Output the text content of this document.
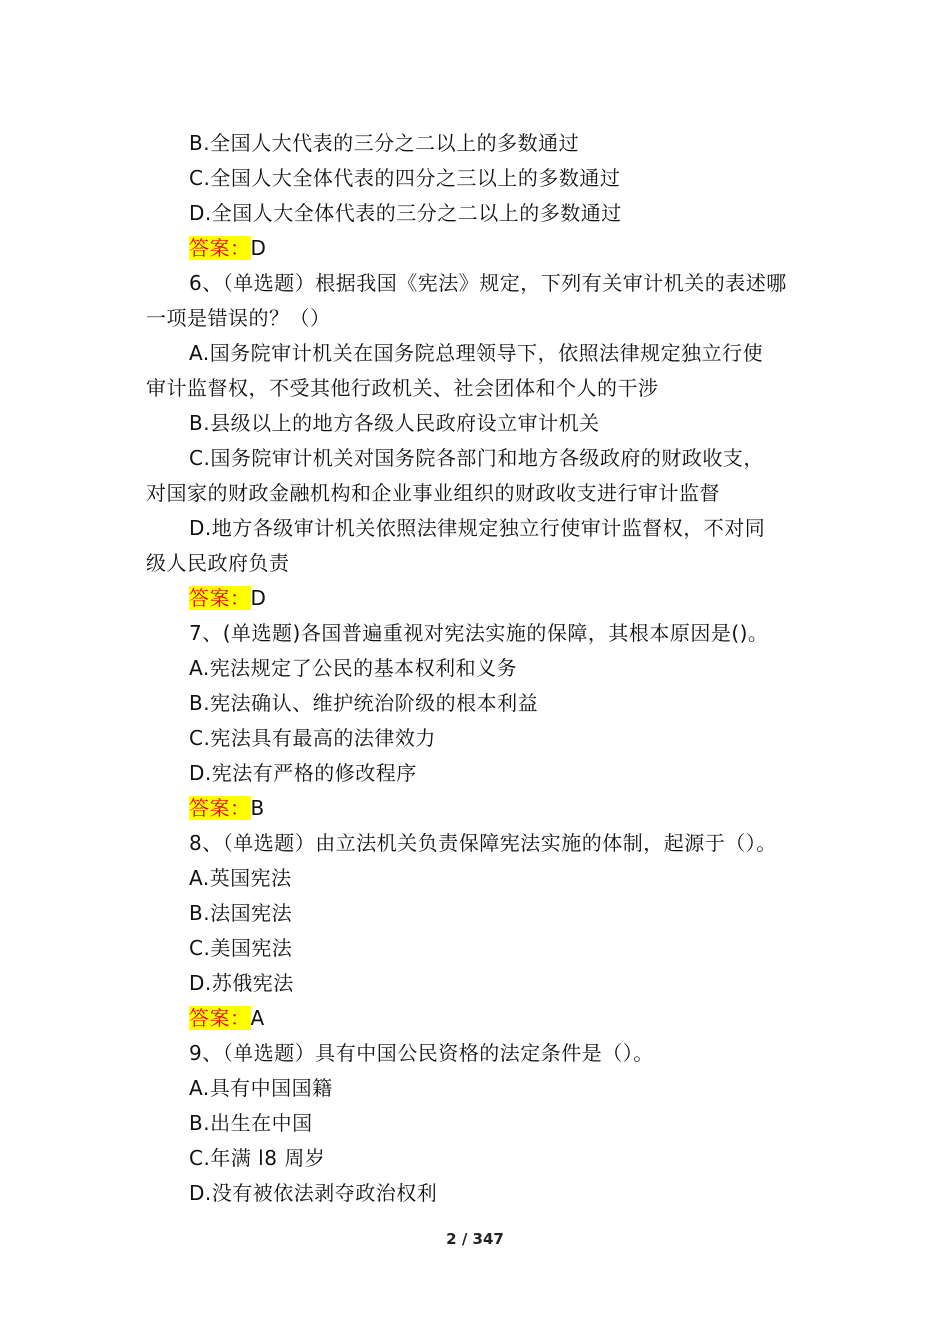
B.全国人大代表的三分之二以上的多数通过
C.全国人大全体代表的四分之三以上的多数通过
D.全国人大全体代表的三分之二以上的多数通过
答案：D
6、（单选题）根据我国《宪法》规定，下列有关审计机关的表述哪
一项是错误的？（）
A.国务院审计机关在国务院总理领导下，依照法律规定独立行使
审计监督权，不受其他行政机关、社会团体和个人的干涉
B.县级以上的地方各级人民政府设立审计机关
C.国务院审计机关对国务院各部门和地方各级政府的财政收支，
对国家的财政金融机构和企业事业组织的财政收支进行审计监督
D.地方各级审计机关依照法律规定独立行使审计监督权，不对同
级人民政府负责
答案：D
7、(单选题)各国普遍重视对宪法实施的保障，其根本原因是()。
A.宪法规定了公民的基本权利和义务
B.宪法确认、维护统治阶级的根本利益
C.宪法具有最高的法律效力
D.宪法有严格的修改程序
答案：B
8、（单选题）由立法机关负责保障宪法实施的体制，起源于（）。
A.英国宪法
B.法国宪法
C.美国宪法
D.苏俄宪法
答案：A
9、（单选题）具有中国公民资格的法定条件是（）。
A.具有中国国籍
B.出生在中国
C.年满 l8 周岁
D.没有被依法剥夺政治权利
2 / 347
